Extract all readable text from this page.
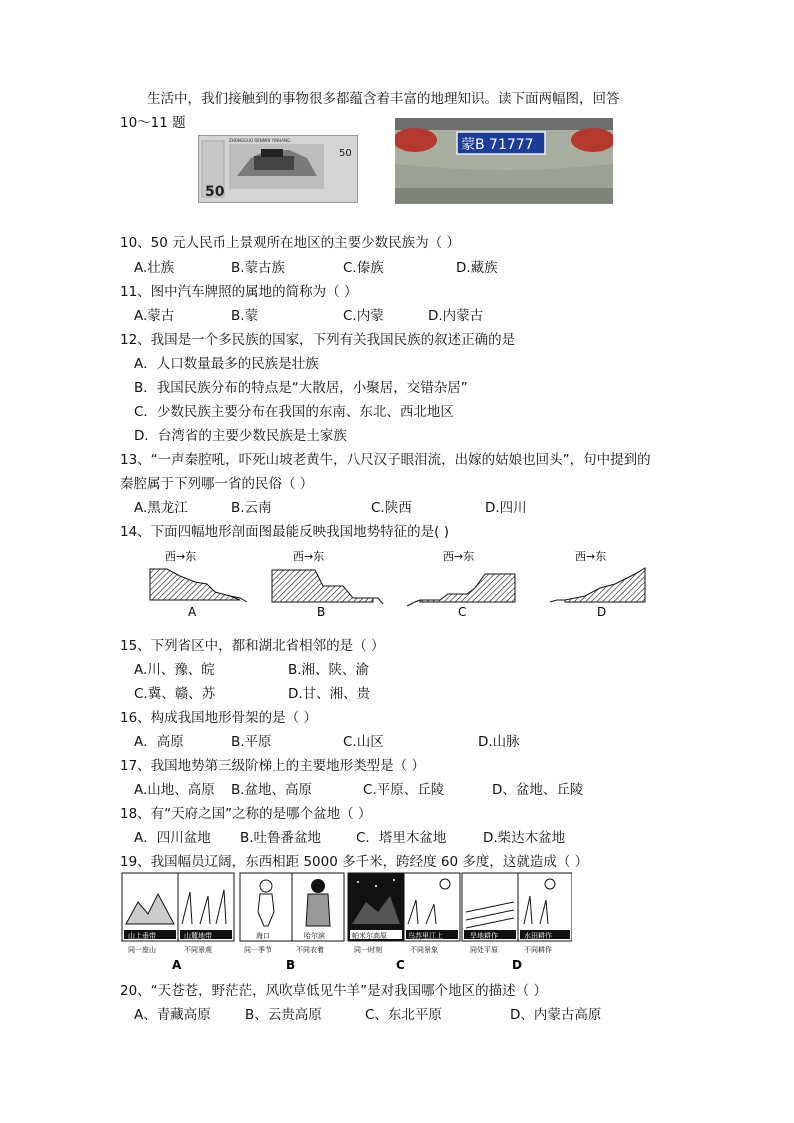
生活中，我们接触到的事物很多都蕴含着丰富的地理知识。读下面两幅图，回答
10～11 题
50
ZHONGGUO RENMIN YINHANG
50
蒙B 71777
10、50 元人民币上景观所在地区的主要少数民族为（ ）
A.壮族	B.蒙古族	C.傣族	D.藏族
11、图中汽车牌照的属地的简称为（ ）
A.蒙古	B.蒙	C.内蒙	D.内蒙古
12、我国是一个多民族的国家，下列有关我国民族的叙述正确的是
A．人口数量最多的民族是壮族
B．我国民族分布的特点是“大散居，小聚居，交错杂居”
C．少数民族主要分布在我国的东南、东北、西北地区
D．台湾省的主要少数民族是土家族
13、“一声秦腔吼，吓死山坡老黄牛，八尺汉子眼泪流，出嫁的姑娘也回头”，句中提到的
秦腔属于下列哪一省的民俗（ ）
A.黑龙江	B.云南	C.陕西	D.四川
14、下面四幅地形剖面图最能反映我国地势特征的是( )
西→东
A
西→东
B
西→东
C
西→东
D
15、下列省区中，都和湖北省相邻的是（ ）
A.川、豫、皖	B.湘、陕、渝
C.冀、赣、苏	D.甘、湘、贵
16、构成我国地形骨架的是（ ）
A．高原	B.平原	C.山区	D.山脉
17、我国地势第三级阶梯上的主要地形类型是（ ）
A.山地、高原 B.盆地、高原	C.平原、丘陵	D、盆地、丘陵
18、有“天府之国”之称的是哪个盆地（ ）
A．四川盆地 B.吐鲁番盆地	C．塔里木盆地	D.柴达木盆地
19、我国幅员辽阔，东西相距 5000 多千米，跨经度 60 多度，这就造成（ ）
山上垂带	山麓地带
同一座山	不同景观
A
海口	哈尔滨
同一季节	不同衣着
B
帕米尔高原	乌苏里江上
同一时刻	不同景象
C
旱地耕作	水田耕作
同处平原	不同耕作
D
20、“天苍苍，野茫茫，风吹草低见牛羊”是对我国哪个地区的描述（ ）
A、青藏高原	B、云贵高原	C、东北平原	D、内蒙古高原
